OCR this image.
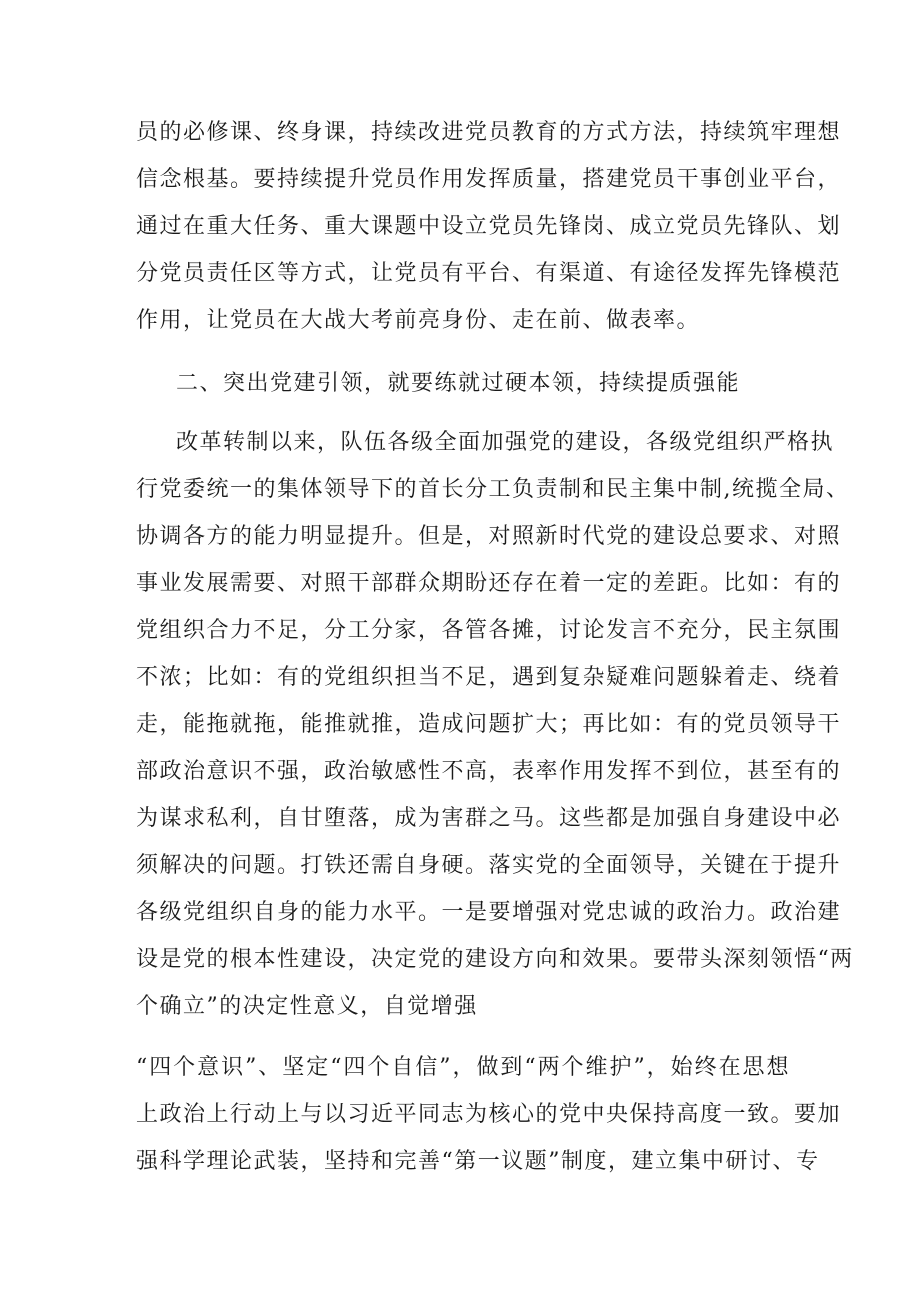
员的必修课、终身课，持续改进党员教育的方式方法，持续筑牢理想
信念根基。要持续提升党员作用发挥质量，搭建党员干事创业平台，
通过在重大任务、重大课题中设立党员先锋岗、成立党员先锋队、划
分党员责任区等方式，让党员有平台、有渠道、有途径发挥先锋模范
作用，让党员在大战大考前亮身份、走在前、做表率。
二、突出党建引领，就要练就过硬本领，持续提质强能
改革转制以来，队伍各级全面加强党的建设，各级党组织严格执
行党委统一的集体领导下的首长分工负责制和民主集中制,统揽全局、
协调各方的能力明显提升。但是，对照新时代党的建设总要求、对照
事业发展需要、对照干部群众期盼还存在着一定的差距。比如：有的
党组织合力不足，分工分家，各管各摊，讨论发言不充分，民主氛围
不浓；比如：有的党组织担当不足，遇到复杂疑难问题躲着走、绕着
走，能拖就拖，能推就推，造成问题扩大；再比如：有的党员领导干
部政治意识不强，政治敏感性不高，表率作用发挥不到位，甚至有的
为谋求私利，自甘堕落，成为害群之马。这些都是加强自身建设中必
须解决的问题。打铁还需自身硬。落实党的全面领导，关键在于提升
各级党组织自身的能力水平。一是要增强对党忠诚的政治力。政治建
设是党的根本性建设，决定党的建设方向和效果。要带头深刻领悟“两
个确立”的决定性意义，自觉增强
“四个意识”、坚定“四个自信”，做到“两个维护”，始终在思想
上政治上行动上与以习近平同志为核心的党中央保持高度一致。要加
强科学理论武装，坚持和完善“第一议题”制度，建立集中研讨、专
